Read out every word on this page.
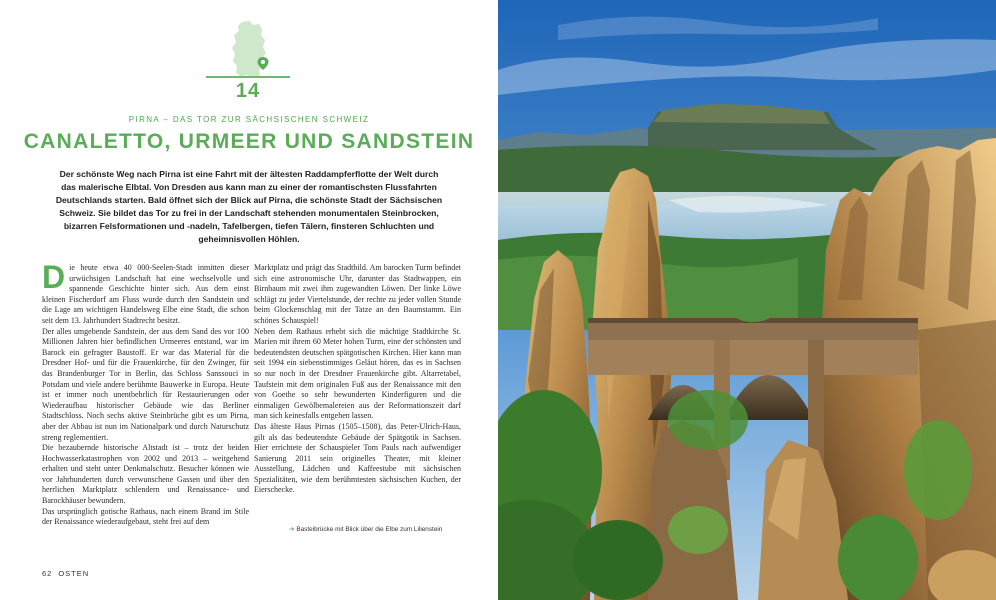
14
PIRNA – DAS TOR ZUR SÄCHSISCHEN SCHWEIZ
CANALETTO, URMEER UND SANDSTEIN
Der schönste Weg nach Pirna ist eine Fahrt mit der ältesten Raddampferflotte der Welt durch das malerische Elbtal. Von Dresden aus kann man zu einer der romantischsten Flussfahrten Deutschlands starten. Bald öffnet sich der Blick auf Pirna, die schönste Stadt der Sächsischen Schweiz. Sie bildet das Tor zu frei in der Landschaft stehenden monumentalen Steinbrocken, bizarren Felsformationen und -nadeln, Tafelbergen, tiefen Tälern, finsteren Schluchten und geheimnisvollen Höhlen.

Die heute etwa 40 000-Seelen-Stadt inmitten dieser urwüchsigen Landschaft hat eine wechselvolle und spannende Geschichte hinter sich. Aus dem einst kleinen Fischerdorf am Fluss wurde durch den Sandstein und die Lage am wichtigen Handelsweg Elbe eine Stadt, die schon seit dem 13. Jahrhundert Stadtrecht besitzt.

Der alles umgebende Sandstein, der aus dem Sand des vor 100 Millionen Jahren hier befindlichen Urmeeres entstand, war im Barock ein gefragter Baustoff. Er war das Material für die Dresdner Hof- und für die Frauenkirche, für den Zwinger, für das Brandenburger Tor in Berlin, das Schloss Sanssouci in Potsdam und viele andere berühmte Bauwerke in Europa. Heute ist er immer noch unentbehrlich für Restaurierungen oder Wiederaufbau historischer Gebäude wie das Berliner Stadtschloss. Noch sechs aktive Steinbrüche gibt es um Pirna, aber der Abbau ist nun im Nationalpark und durch Naturschutz streng reglementiert.

Die bezaubernde historische Altstadt ist – trotz der beiden Hochwasserkatastrophen von 2002 und 2013 – weitgehend erhalten und steht unter Denkmalschutz. Besucher können wie vor Jahrhunderten durch verwunschene Gassen und über den herrlichen Marktplatz schlendern und Renaissance- und Barockhäuser bewundern.

Das ursprünglich gotische Rathaus, nach einem Brand im Stile der Renaissance wiederaufgebaut, steht frei auf dem

Marktplatz und prägt das Stadtbild. Am barocken Turm befindet sich eine astronomische Uhr, darunter das Stadtwappen, ein Birnbaum mit zwei ihm zugewandten Löwen. Der linke Löwe schlägt zu jeder Viertelstunde, der rechte zu jeder vollen Stunde beim Glockenschlag mit der Tatze an den Baumstamm. Ein schönes Schauspiel!

Neben dem Rathaus erhebt sich die mächtige Stadtkirche St. Marien mit ihrem 60 Meter hohen Turm, eine der schönsten und bedeutendsten deutschen spätgotischen Kirchen. Hier kann man seit 1994 ein siebenstimmiges Geläut hören, das es in Sachsen so nur noch in der Dresdner Frauenkirche gibt. Altarretabel, Taufstein mit dem originalen Fuß aus der Renaissance mit den von Goethe so sehr bewunderten Kinderfiguren und die einmaligen Gewölbemalereien aus der Reformationszeit darf man sich keinesfalls entgehen lassen.

Das älteste Haus Pirnas (1505–1508), das Peter-Ulrich-Haus, gilt als das bedeutendste Gebäude der Spätgotik in Sachsen. Hier errichtete der Schauspieler Tom Pauls nach aufwendiger Sanierung 2011 sein originelles Theater, mit kleiner Ausstellung, Lädchen und Kaffeestube mit sächsischen Spezialitäten, wie dem berühmtesten sächsischen Kuchen, der Eierschecke.

➔ Basteibrücke mit Blick über die Elbe zum Lilienstein
62 OSTEN
